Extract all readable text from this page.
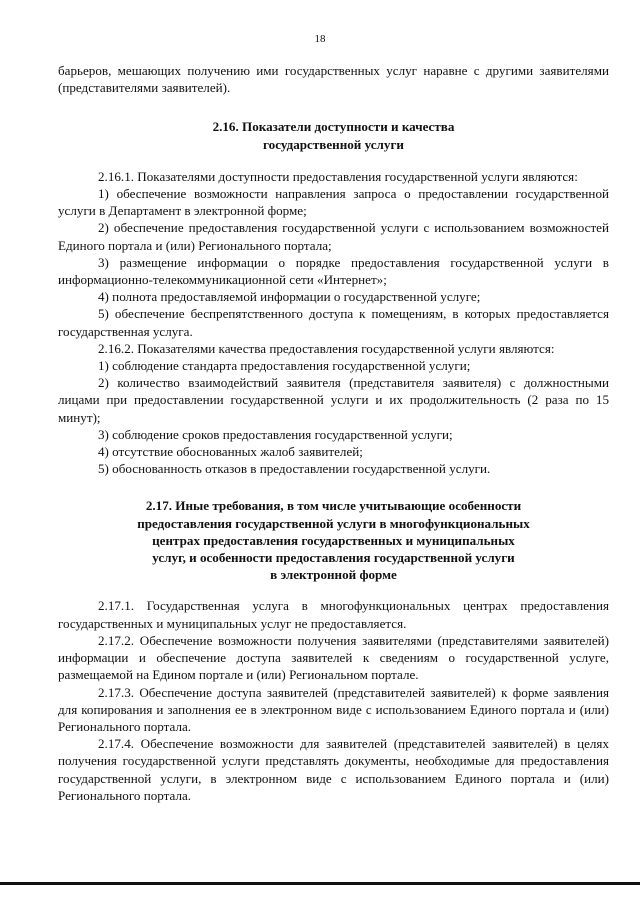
18

барьеров, мешающих получению ими государственных услуг наравне с другими заявителями (представителями заявителей).

2.16. Показатели доступности и качества
государственной услуги

2.16.1. Показателями доступности предоставления государственной услуги являются:

1) обеспечение возможности направления запроса о предоставлении государственной услуги в Департамент в электронной форме;

2) обеспечение предоставления государственной услуги с использованием возможностей Единого портала и (или) Регионального портала;

3) размещение информации о порядке предоставления государственной услуги в информационно-телекоммуникационной сети «Интернет»;

4) полнота предоставляемой информации о государственной услуге;

5) обеспечение беспрепятственного доступа к помещениям, в которых предоставляется государственная услуга.

2.16.2. Показателями качества предоставления государственной услуги являются:

1) соблюдение стандарта предоставления государственной услуги;

2) количество взаимодействий заявителя (представителя заявителя) с должностными лицами при предоставлении государственной услуги и их продолжительность (2 раза по 15 минут);

3) соблюдение сроков предоставления государственной услуги;

4) отсутствие обоснованных жалоб заявителей;

5) обоснованность отказов в предоставлении государственной услуги.

2.17. Иные требования, в том числе учитывающие особенности
предоставления государственной услуги в многофункциональных
центрах предоставления государственных и муниципальных
услуг, и особенности предоставления государственной услуги
в электронной форме

2.17.1. Государственная услуга в многофункциональных центрах предоставления государственных и муниципальных услуг не предоставляется.

2.17.2. Обеспечение возможности получения заявителями (представителями заявителей) информации и обеспечение доступа заявителей к сведениям о государственной услуге, размещаемой на Едином портале и (или) Региональном портале.

2.17.3. Обеспечение доступа заявителей (представителей заявителей) к форме заявления для копирования и заполнения ее в электронном виде с использованием Единого портала и (или) Регионального портала.

2.17.4. Обеспечение возможности для заявителей (представителей заявителей) в целях получения государственной услуги представлять документы, необходимые для предоставления государственной услуги, в электронном виде с использованием Единого портала и (или) Регионального портала.
